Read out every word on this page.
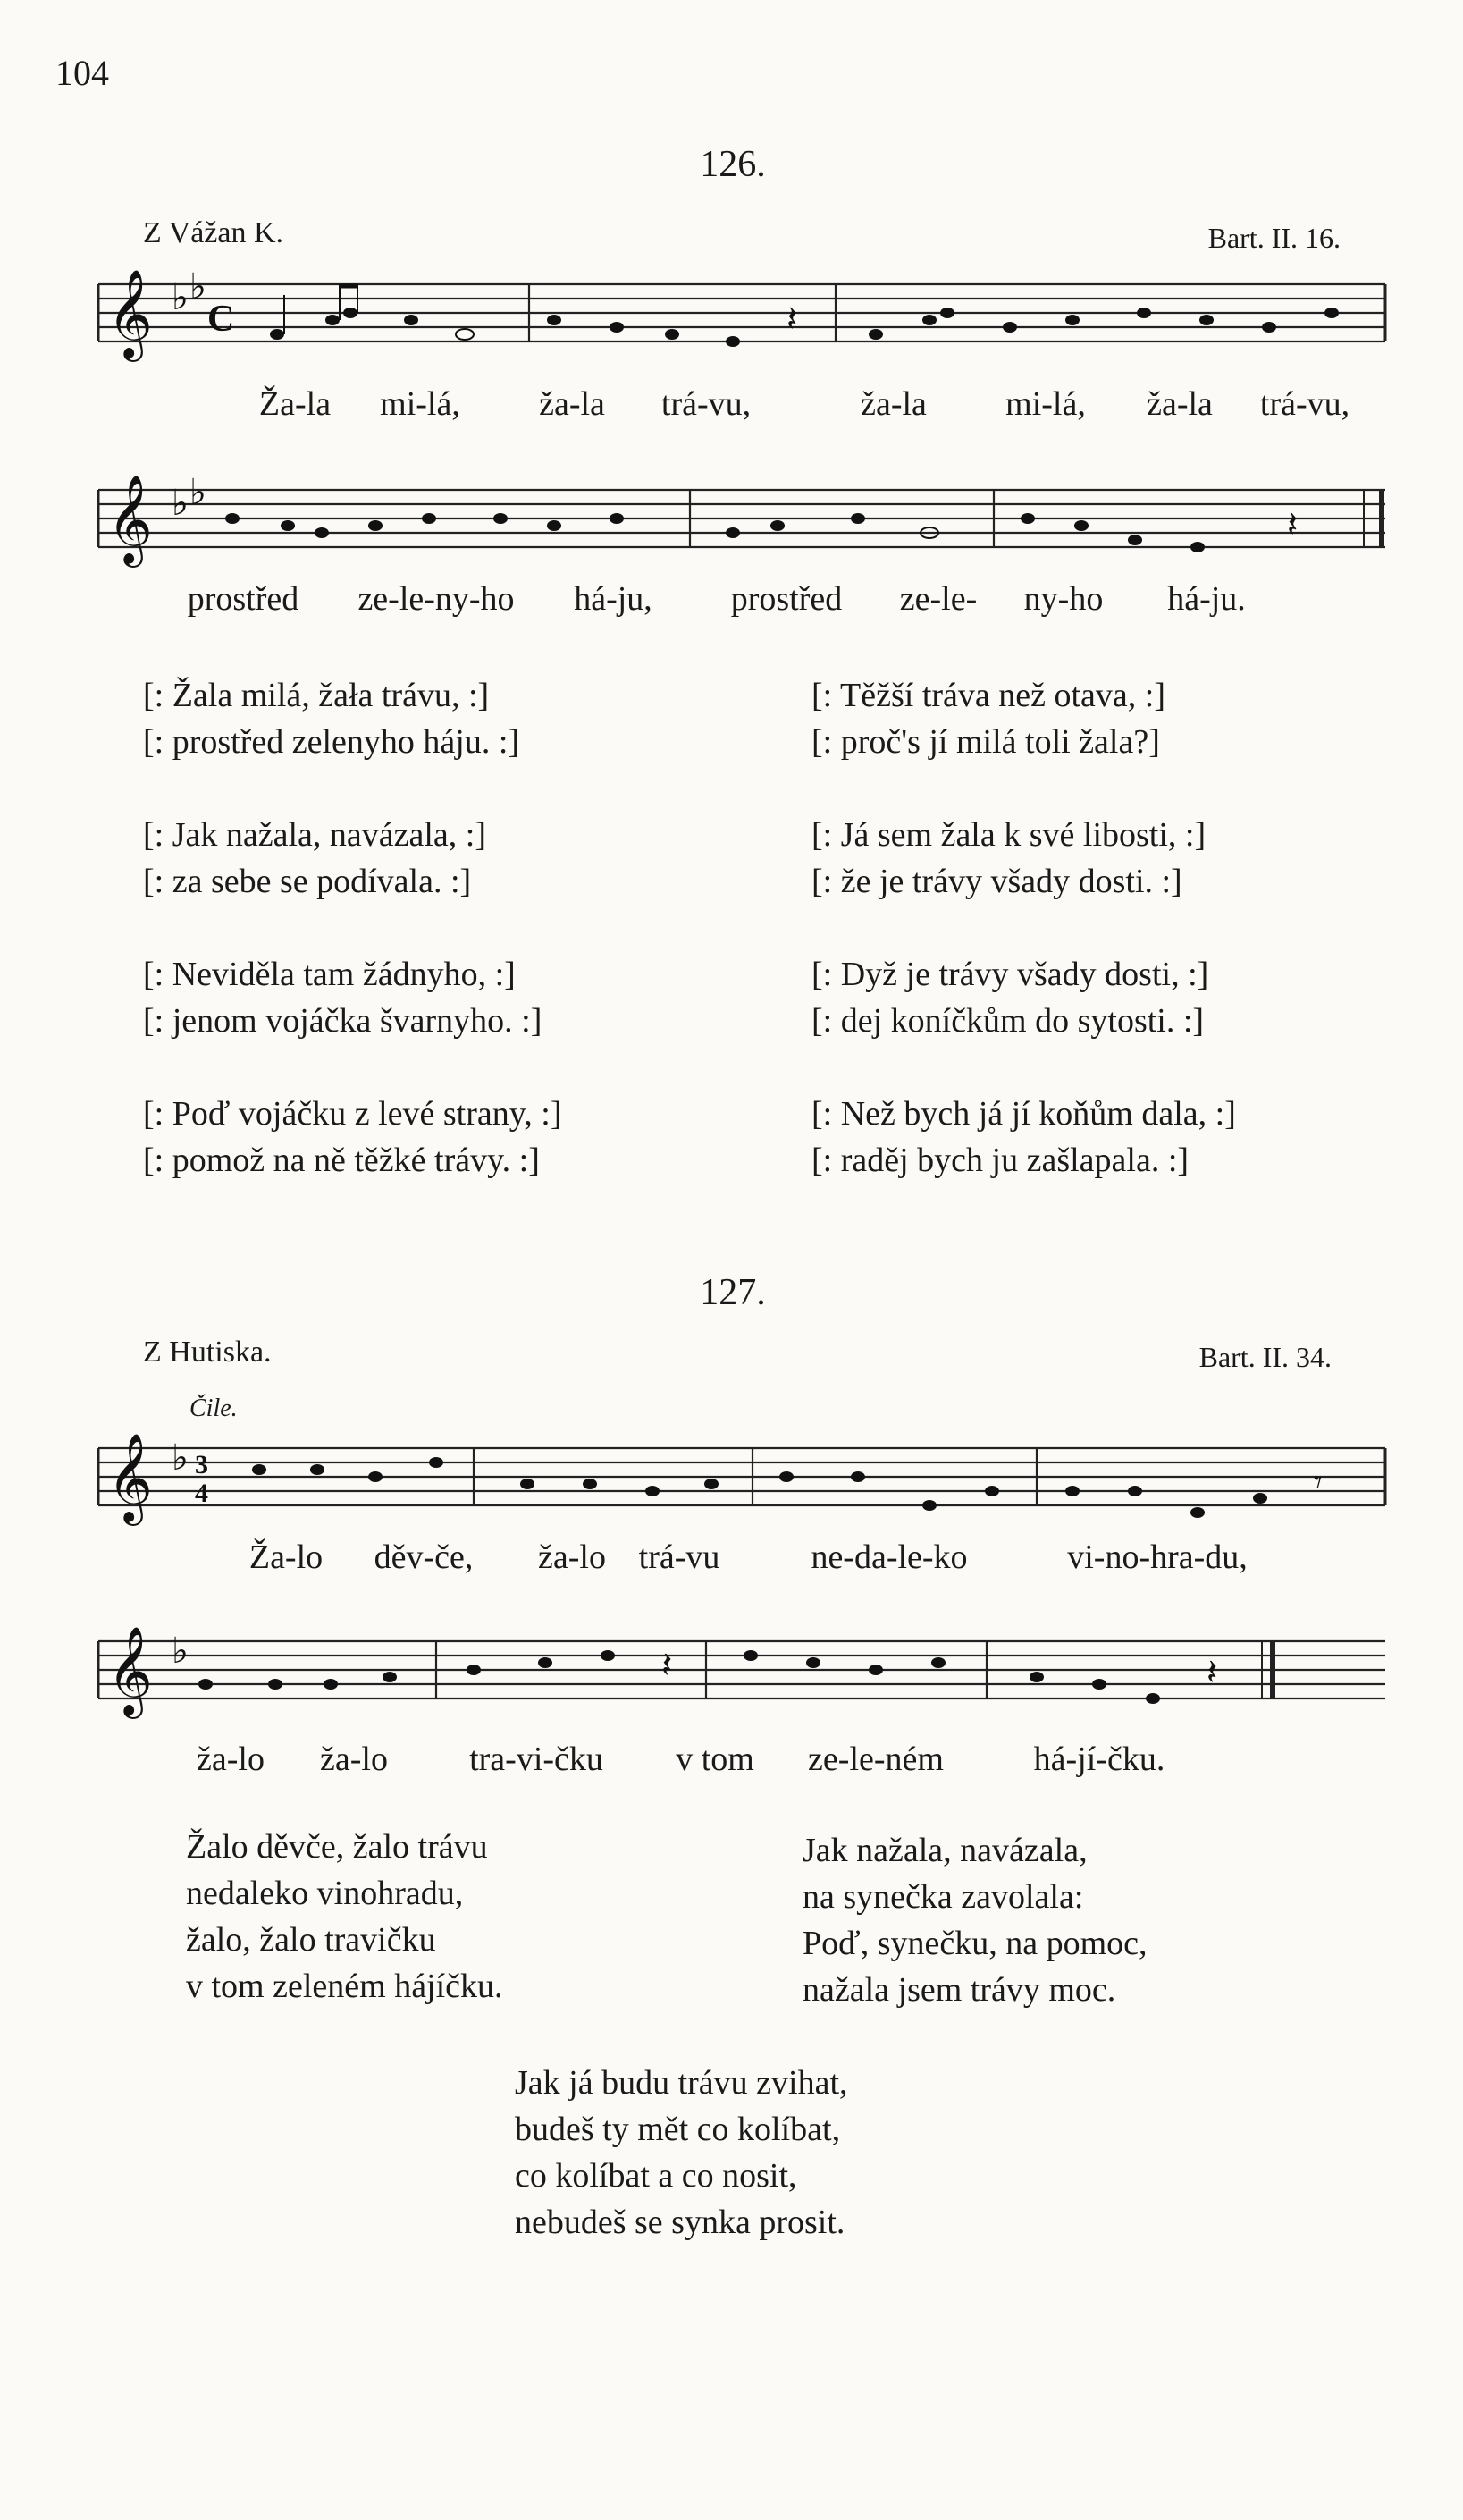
104
126.
Z Vážan K.	Bart. II. 16.
𝄞 ♭ ♭
C	𝄽
𝄞 ♭ ♭
𝄽
𝄞 ♭ 3
4	𝄾
𝄞 ♭	𝄽	𝄽
Ža-la mi-lá, ža-la trá-vu,	ža-la mi-lá, ža-la trá-vu,
prostřed ze-le-ny-ho há-ju, prostřed ze-le- ny-ho há-ju.
[: Žala milá, žała trávu, :]
[: prostřed zelenyho háju. :]
[: Jak nažala, navázala, :]
[: za sebe se podívala. :]
[: Neviděla tam žádnyho, :]
[: jenom vojáčka švarnyho. :]
[: Poď vojáčku z levé strany, :]
[: pomož na ně těžké trávy. :]
[: Těžší tráva než otava, :]
[: proč's jí milá toli žala?]
[: Já sem žala k své libosti, :]
[: že je trávy všady dosti. :]
[: Dyž je trávy všady dosti, :]
[: dej koníčkům do sytosti. :]
[: Než bych já jí koňům dala, :]
[: raděj bych ju zašlapala. :]
127.
Z Hutiska.	Bart. II. 34.
Čile.
Ža-lo děv-če, ža-lo trá-vu	ne-da-le-ko	vi-no-hra-du,
ža-lo ža-lo tra-vi-čku v tom ze-le-ném	há-jí-čku.
Žalo děvče, žalo trávu
nedaleko vinohradu,
žalo, žalo travičku
v tom zeleném hájíčku.
Jak nažala, navázala,
na synečka zavolala:
Poď, synečku, na pomoc,
nažala jsem trávy moc.
Jak já budu trávu zvihat,
budeš ty mět co kolíbat,
co kolíbat a co nosit,
nebudeš se synka prosit.
